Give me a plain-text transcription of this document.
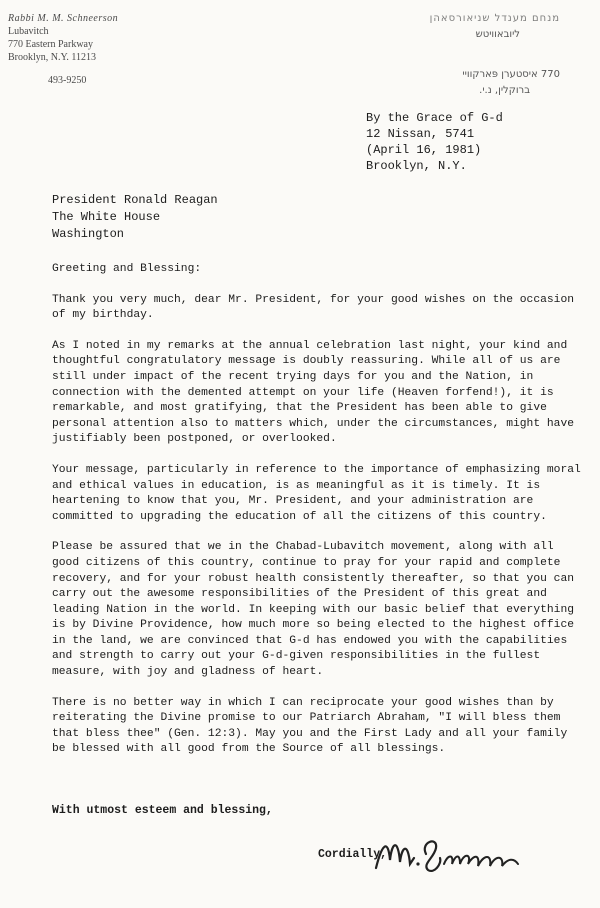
Rabbi M. M. Schneerson
Lubavitch
770 Eastern Parkway
Brooklyn, N.Y. 11213
493-9250
מנחם מענדל שניאורסאהן
ליובאוויטש
770 איסטערן פּארקוויי
ברוקלין, נ.י.
By the Grace of G-d
12 Nissan, 5741
(April 16, 1981)
Brooklyn, N.Y.
President Ronald Reagan
The White House
Washington

Greeting and Blessing:

Thank you very much, dear Mr. President, for your good wishes on the occasion of my birthday.

As I noted in my remarks at the annual celebration last night, your kind and thoughtful congratulatory message is doubly reassuring. While all of us are still under impact of the recent trying days for you and the Nation, in connection with the demented attempt on your life (Heaven forfend!), it is remarkable, and most gratifying, that the President has been able to give personal attention also to matters which, under the circumstances, might have justifiably been postponed, or overlooked.

Your message, particularly in reference to the importance of emphasizing moral and ethical values in education, is as meaningful as it is timely. It is heartening to know that you, Mr. President, and your administration are committed to upgrading the education of all the citizens of this country.

Please be assured that we in the Chabad-Lubavitch movement, along with all good citizens of this country, continue to pray for your rapid and complete recovery, and for your robust health consistently thereafter, so that you can carry out the awesome responsibilities of the President of this great and leading Nation in the world. In keeping with our basic belief that everything is by Divine Providence, how much more so being elected to the highest office in the land, we are convinced that G-d has endowed you with the capabilities and strength to carry out your G-d-given responsibilities in the fullest measure, with joy and gladness of heart.

There is no better way in which I can reciprocate your good wishes than by reiterating the Divine promise to our Patriarch Abraham, "I will bless them that bless thee" (Gen. 12:3). May you and the First Lady and all your family be blessed with all good from the Source of all blessings.

With utmost esteem and blessing,
Cordially,
